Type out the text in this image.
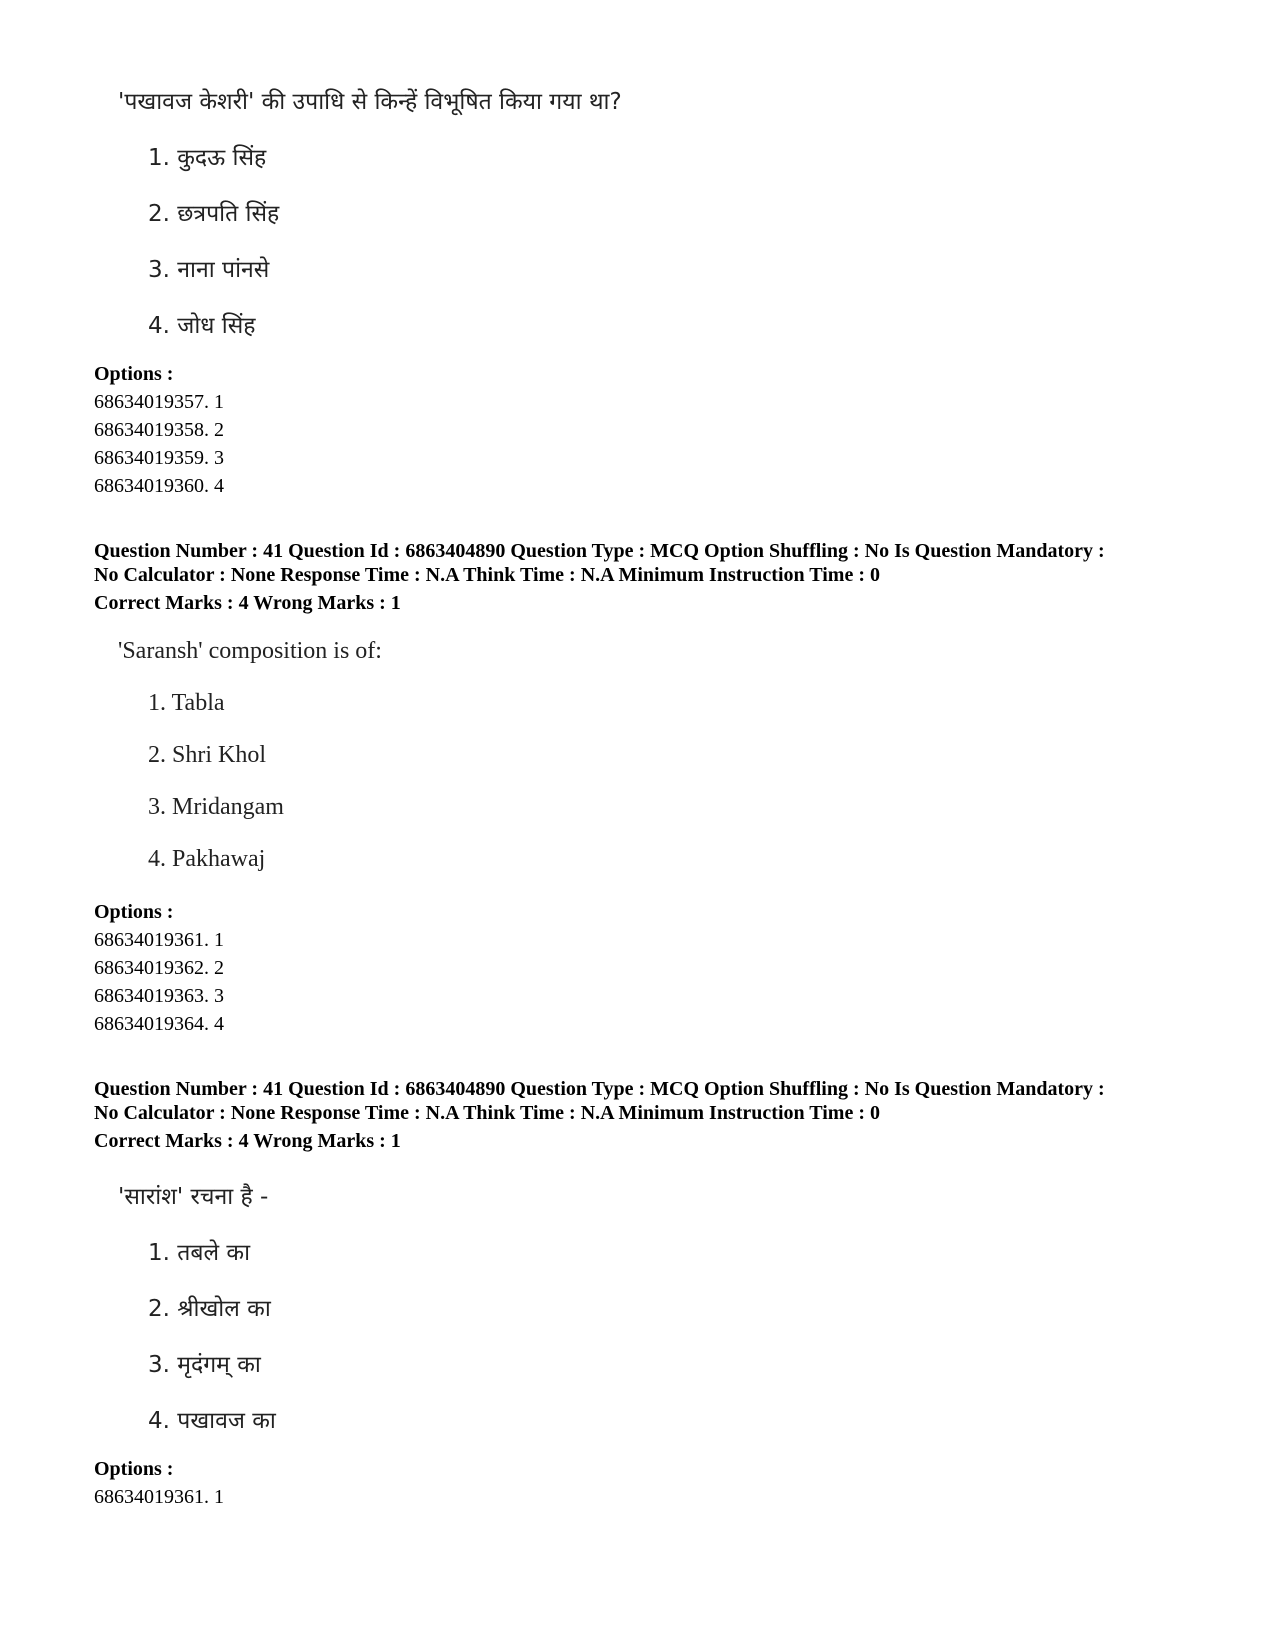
'पखावज केशरी' की उपाधि से किन्हें विभूषित किया गया था?
1. कुदऊ सिंह
2. छत्रपति सिंह
3. नाना पांनसे
4. जोध सिंह
Options :
68634019357. 1
68634019358. 2
68634019359. 3
68634019360. 4
Question Number : 41 Question Id : 6863404890 Question Type : MCQ Option Shuffling : No Is Question Mandatory :
No Calculator : None Response Time : N.A Think Time : N.A Minimum Instruction Time : 0
Correct Marks : 4 Wrong Marks : 1
'Saransh' composition is of:
1. Tabla
2. Shri Khol
3. Mridangam
4. Pakhawaj
Options :
68634019361. 1
68634019362. 2
68634019363. 3
68634019364. 4
Question Number : 41 Question Id : 6863404890 Question Type : MCQ Option Shuffling : No Is Question Mandatory :
No Calculator : None Response Time : N.A Think Time : N.A Minimum Instruction Time : 0
Correct Marks : 4 Wrong Marks : 1
'सारांश' रचना है -
1. तबले का
2. श्रीखोल का
3. मृदंगम् का
4. पखावज का
Options :
68634019361. 1
